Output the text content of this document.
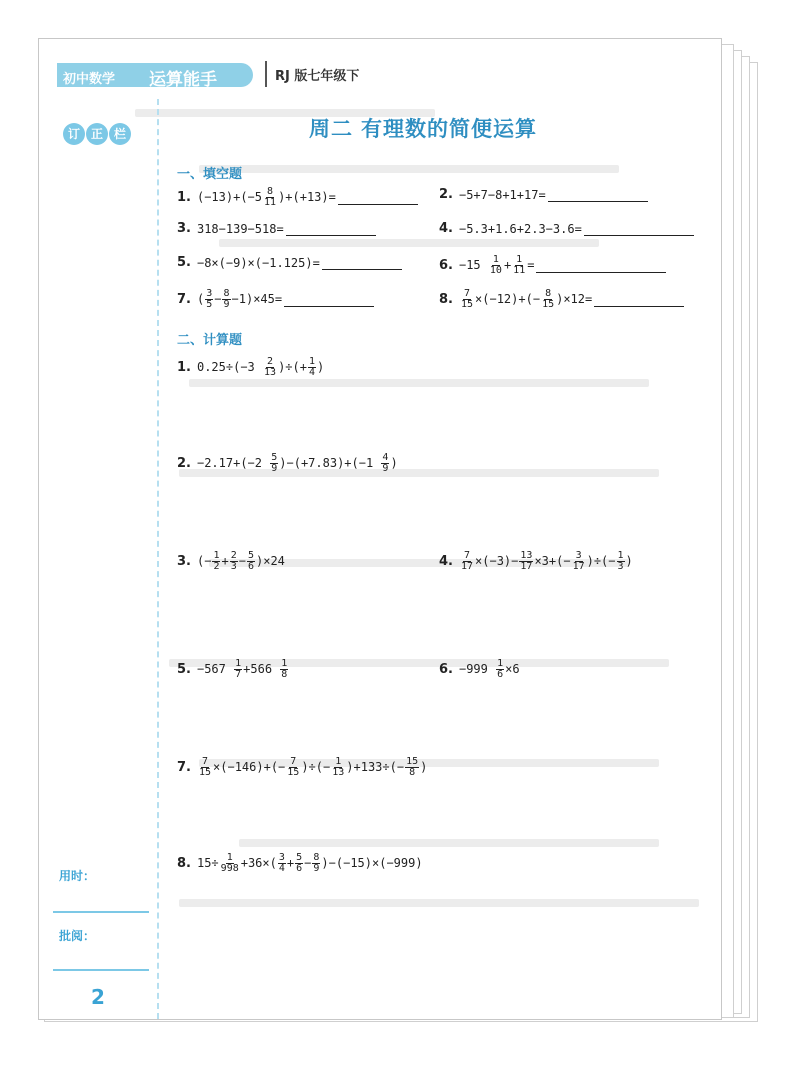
初中数学 运算能手	RJ 版七年级下
订 正 栏
用时：
批阅：
2
周二 有理数的简便运算
一、填空题
二、计算题
1. $(-13)+(-5 \frac{8}{11} )+(+13)=$	2. −5+7−8+1+17=
3. 318−139−518=	4. −5.3+1.6+2.3−3.6=
5. −8×(−9)×(−1.125)=	6. $-15 \frac{1}{10} + \frac{1}{11}$ =
7. ( $\frac{3}{5} - \frac{8}{9} -1)\times 45=$	8. $\frac{7}{15} \times(-12)+(- \frac{8}{15} )\times 12=$
1. $0.25\div(-3 \frac{2}{13}$ )÷(+ $\frac{1}{4}$ )
2. $-2.17+(-2 \frac{5}{9} )-(+7.83)+(-1 \frac{4}{9}$ )
3. (− $\frac{1}{2} + \frac{2}{3} - \frac{5}{6} )\times 24$	4. $\frac{7}{17} \times(-3)- \frac{13}{17} \times 3+(- \frac{3}{17}$ )÷(− $\frac{1}{3}$ )
5. $-567 \frac{1}{7} +566 \frac{1}{8}$	6. $-999 \frac{1}{6} \times 6$
7. $\frac{7}{15} \times(-146)+(- \frac{7}{15}$ )÷(− $\frac{1}{13} )+133\div(- \frac{15}{8}$ )
8. $15\div \frac{1}{998} +36\times( \frac{3}{4} + \frac{5}{6} - \frac{8}{9} )-(-15)\times(-999)$
